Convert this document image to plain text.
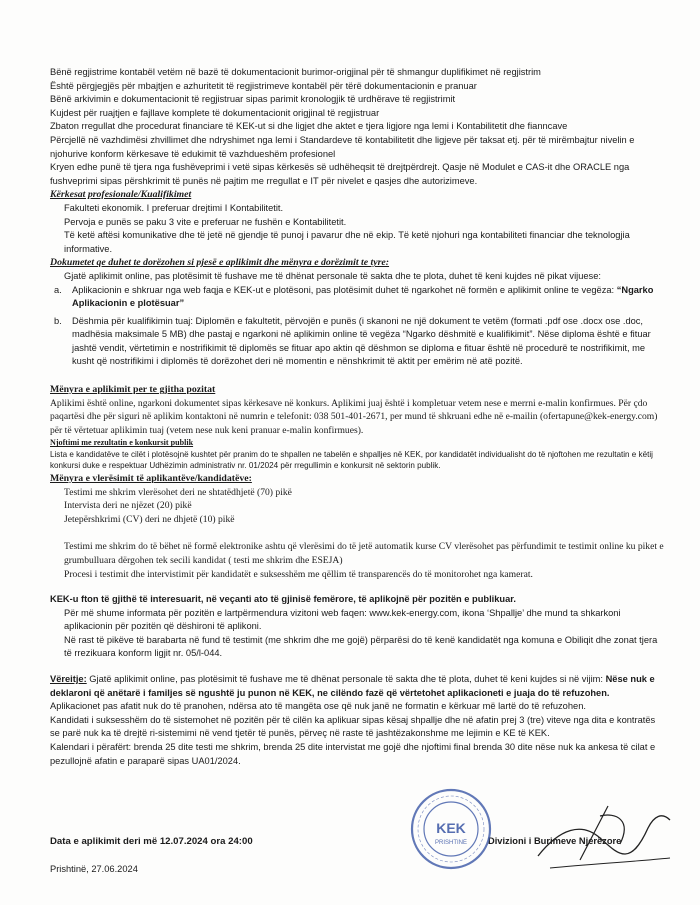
Bënë regjistrime kontabël vetëm në bazë të dokumentacionit burimor-origjinal për të shmangur duplifikimet në regjistrim

Është përgjegjës për mbajtjen e azhuritetit të regjistrimeve kontabël për tërë dokumentacionin e pranuar

Bënë arkivimin e dokumentacionit të regjistruar sipas parimit kronologjik të urdhërave të regjistrimit

Kujdest për ruajtjen e fajllave komplete të dokumentacionit origjinal të regjistruar

Zbaton rregullat dhe procedurat financiare të KEK-ut si dhe ligjet dhe aktet e tjera ligjore nga lemi i Kontabilitetit dhe fianncave

Përcjellë në vazhdimësi zhvillimet dhe ndryshimet nga lemi i Standardeve të kontabilitetit dhe ligjeve për taksat etj. për të mirëmbajtur nivelin e njohurive konform kërkesave të edukimit të vazhdueshëm profesionel

Kryen edhe punë të tjera nga fushëveprimi i vetë sipas kërkesës së udhëheqsit të drejtpërdrejt. Qasje në Modulet e CAS-it dhe ORACLE nga fushveprimi sipas përshkrimit të punës në pajtim me rregullat e IT për nivelet e qasjes dhe autorizimeve.

Kërkesat profesionale/Kualifikimet

Fakulteti ekonomik. I preferuar drejtimi I Kontabilitetit.

Pervoja e punës se paku 3 vite e preferuar ne fushën e Kontabilitetit.

Të ketë aftësi komunikative dhe të jetë në gjendje të punoj i pavarur dhe në ekip. Të ketë njohuri nga kontabiliteti financiar dhe teknologjia informative.

Dokumetet qe duhet te dorëzohen si pjesë e aplikimit dhe mënyra e dorëzimit te tyre:

Gjatë aplikimit online, pas plotësimit të fushave me të dhënat personale të sakta dhe te plota, duhet të keni kujdes në pikat vijuese:

a.	Aplikacionin e shkruar nga web faqja e KEK-ut e plotësoni, pas plotësimit duhet të ngarkohet në formën e aplikimit online te vegëza: “Ngarko Aplikacionin e plotësuar”
b.	Dëshmia për kualifikimin tuaj: Diplomën e fakultetit, përvojën e punës (i skanoni ne një dokument te vetëm (formati .pdf ose .docx ose .doc, madhësia maksimale 5 MB) dhe pastaj e ngarkoni në aplikimin online të vegëza “Ngarko dëshmitë e kualifikimit”. Nëse diploma është e fituar jashtë vendit, vërtetimin e nostrifikimit të diplomës se fituar apo aktin që dëshmon se diploma e fituar është në procedurë te nostrifikimit, me kusht që nostrifikimi i diplomës të dorëzohet deri në momentin e nënshkrimit të aktit per emërim në atë pozitë.

Mënyra e aplikimit per te gjitha pozitat

Aplikimi është online, ngarkoni dokumentet sipas kërkesave në konkurs. Aplikimi juaj është i kompletuar vetem nese e merrni e-malin konfirmues. Për çdo paqartësi dhe për siguri në aplikim kontaktoni në numrin e telefonit: 038 501-401-2671, per mund të shkruani edhe në e-mailin (ofertapune@kek-energy.com) për të vërtetuar aplikimin tuaj (vetem nese nuk keni pranuar e-malin konfirmues).

Njoftimi me rezultatin e konkursit publik

Lista e kandidatëve te cilët i plotësojnë kushtet për pranim do te shpallen ne tabelën e shpalljes në KEK, por kandidatët individualisht do të njoftohen me rezultatin e këtij konkursi duke e respektuar Udhëzimin administrativ nr. 01/2024 për rregullimin e konkursit në sektorin publik.

Mënyra e vlerësimit të aplikantëve/kandidatëve:

Testimi me shkrim vlerësohet deri ne shtatëdhjetë (70) pikë

Intervista deri ne njëzet (20) pikë

Jetepërshkrimi (CV) deri ne dhjetë (10) pikë

Testimi me shkrim do të bëhet në formë elektronike ashtu që vlerësimi do të jetë automatik kurse CV vlerësohet pas përfundimit te testimit online ku piket e grumbulluara dërgohen tek secili kandidat ( testi me shkrim dhe ESEJA)

Procesi i testimit dhe intervistimit për kandidatët e suksesshëm me qëllim të transparencës do të monitorohet nga kamerat.

KEK-u fton të gjithë të interesuarit, në veçanti ato të gjinisë femërore, të aplikojnë për pozitën e publikuar.

Për më shume informata për pozitën e lartpërmendura vizitoni web faqen: www.kek-energy.com, ikona ‘Shpallje’ dhe mund ta shkarkoni aplikacionin për pozitën që dëshironi të aplikoni.

Në rast të pikëve të barabarta në fund të testimit (me shkrim dhe me gojë) përparësi do të kenë kandidatët nga komuna e Obiliqit dhe zonat tjera të rrezikuara konform ligjit nr. 05/l-044.

Vëreitje: Gjatë aplikimit online, pas plotësimit të fushave me të dhënat personale të sakta dhe të plota, duhet të keni kujdes si në vijim: Nëse nuk e deklaroni që anëtarë i familjes së ngushtë ju punon në KEK, ne cilëndo fazë që vërtetohet aplikacioneti e juaja do të refuzohen.

Aplikacionet pas afatit nuk do të pranohen, ndërsa ato të mangëta ose që nuk janë ne formatin e kërkuar më lartë do të refuzohen.

Kandidati i suksesshëm do të sistemohet në pozitën për të cilën ka aplikuar sipas kësaj shpallje dhe në afatin prej 3 (tre) viteve nga dita e kontratës se parë nuk ka të drejtë ri-sistemimi në vend tjetër të punës, përveç në raste të jashtëzakonshme me lejimin e KE të KEK.

Kalendari i përafërt: brenda 25 dite testi me shkrim, brenda 25 dite intervistat me gojë dhe njoftimi final brenda 30 dite nëse nuk ka ankesa të cilat e pezullojnë afatin e paraparë sipas UA01/2024.

Data e aplikimit deri më 12.07.2024 ora 24:00
Prishtinë, 27.06.2024
Divizioni i Burimeve Njerëzore
KEK
PRISHTINË
